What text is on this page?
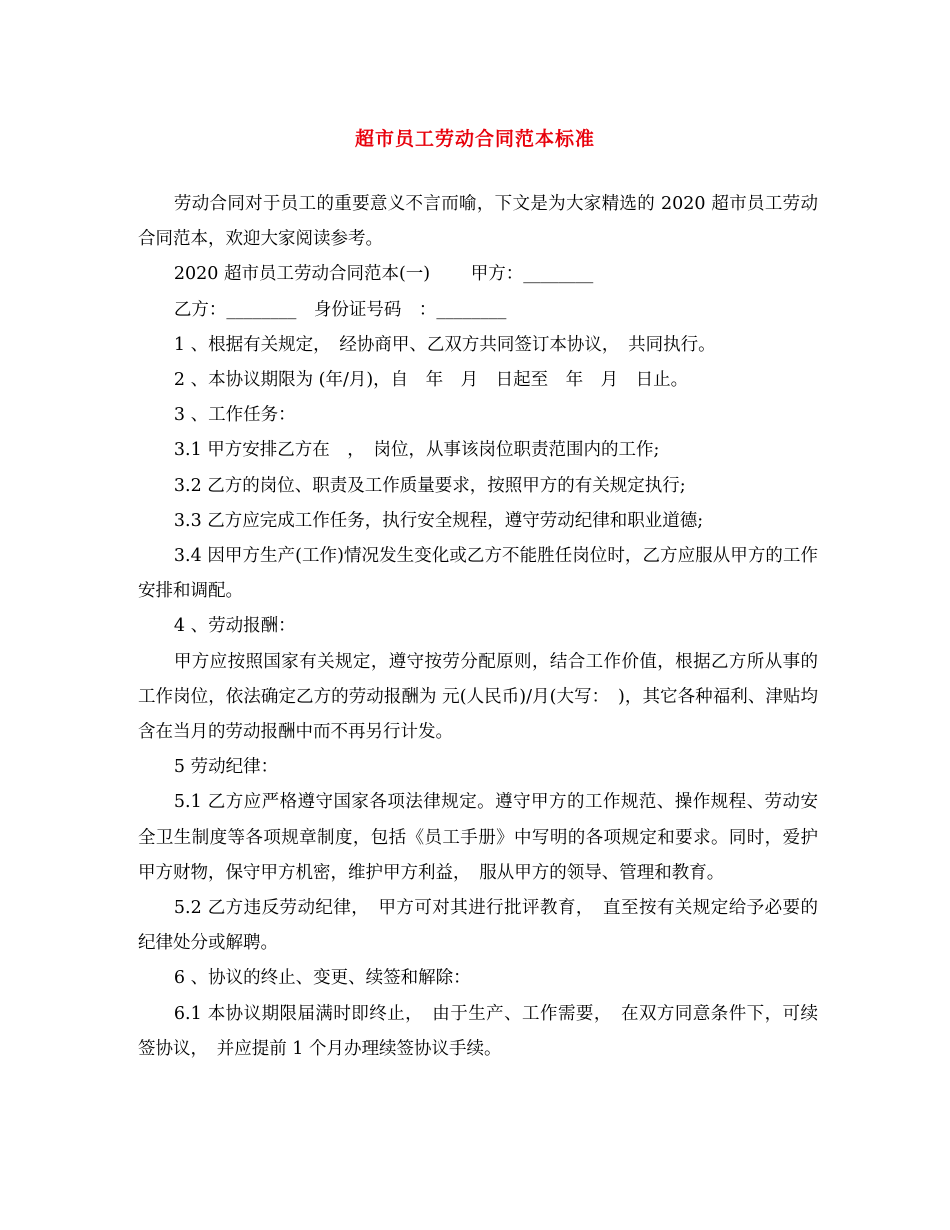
超市员工劳动合同范本标准

劳动合同对于员工的重要意义不言而喻，下文是为大家精选的 2020 超市员工劳动合同范本，欢迎大家阅读参考。

2020 超市员工劳动合同范本(一)　　 甲方：________

乙方：________　身份证号码　：________

1 、根据有关规定，　经协商甲、乙双方共同签订本协议，　共同执行。

2 、本协议期限为 (年/月)，自　年　月　日起至　年　月　日止。

3 、工作任务：

3.1 甲方安排乙方在　，　岗位，从事该岗位职责范围内的工作;

3.2 乙方的岗位、职责及工作质量要求，按照甲方的有关规定执行;

3.3 乙方应完成工作任务，执行安全规程，遵守劳动纪律和职业道德;

3.4 因甲方生产(工作)情况发生变化或乙方不能胜任岗位时，乙方应服从甲方的工作安排和调配。

4 、劳动报酬：

甲方应按照国家有关规定，遵守按劳分配原则，结合工作价值，根据乙方所从事的工作岗位，依法确定乙方的劳动报酬为 元(人民币)/月(大写：　)，其它各种福利、津贴均含在当月的劳动报酬中而不再另行计发。

5 劳动纪律：

5.1 乙方应严格遵守国家各项法律规定。遵守甲方的工作规范、操作规程、劳动安全卫生制度等各项规章制度，包括《员工手册》中写明的各项规定和要求。同时，爱护甲方财物，保守甲方机密，维护甲方利益，　服从甲方的领导、管理和教育。

5.2 乙方违反劳动纪律，　甲方可对其进行批评教育，　直至按有关规定给予必要的纪律处分或解聘。

6 、协议的终止、变更、续签和解除：

6.1 本协议期限届满时即终止，　由于生产、工作需要，　在双方同意条件下，可续签协议，　并应提前 1 个月办理续签协议手续。
